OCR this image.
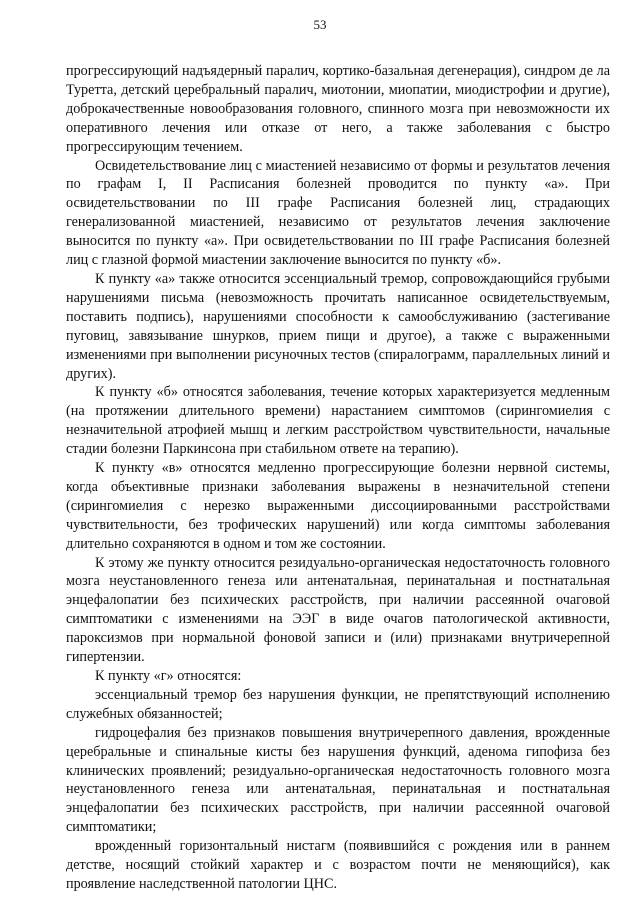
53

прогрессирующий надъядерный паралич, кортико-базальная дегенерация), синдром де ла Туретта, детский церебральный паралич, миотонии, миопатии, миодистрофии и другие), доброкачественные новообразования головного, спинного мозга при невозможности их оперативного лечения или отказе от него, а также заболевания с быстро прогрессирующим течением.

Освидетельствование лиц с миастенией независимо от формы и результатов лечения по графам I, II Расписания болезней проводится по пункту «а». При освидетельствовании по III графе Расписания болезней лиц, страдающих генерализованной миастенией, независимо от результатов лечения заключение выносится по пункту «а». При освидетельствовании по III графе Расписания болезней лиц с глазной формой миастении заключение выносится по пункту «б».

К пункту «а» также относится эссенциальный тремор, сопровождающийся грубыми нарушениями письма (невозможность прочитать написанное освидетельствуемым, поставить подпись), нарушениями способности к самообслуживанию (застегивание пуговиц, завязывание шнурков, прием пищи и другое), а также с выраженными изменениями при выполнении рисуночных тестов (спиралограмм, параллельных линий и других).

К пункту «б» относятся заболевания, течение которых характеризуется медленным (на протяжении длительного времени) нарастанием симптомов (сирингомиелия с незначительной атрофией мышц и легким расстройством чувствительности, начальные стадии болезни Паркинсона при стабильном ответе на терапию).

К пункту «в» относятся медленно прогрессирующие болезни нервной системы, когда объективные признаки заболевания выражены в незначительной степени (сирингомиелия с нерезко выраженными диссоциированными расстройствами чувствительности, без трофических нарушений) или когда симптомы заболевания длительно сохраняются в одном и том же состоянии.

К этому же пункту относится резидуально-органическая недостаточность головного мозга неустановленного генеза или антенатальная, перинатальная и постнатальная энцефалопатии без психических расстройств, при наличии рассеянной очаговой симптоматики с изменениями на ЭЭГ в виде очагов патологической активности, пароксизмов при нормальной фоновой записи и (или) признаками внутричерепной гипертензии.

К пункту «г» относятся:

эссенциальный тремор без нарушения функции, не препятствующий исполнению служебных обязанностей;

гидроцефалия без признаков повышения внутричерепного давления, врожденные церебральные и спинальные кисты без нарушения функций, аденома гипофиза без клинических проявлений; резидуально-органическая недостаточность головного мозга неустановленного генеза или антенатальная, перинатальная и постнатальная энцефалопатии без психических расстройств, при наличии рассеянной очаговой симптоматики;

врожденный горизонтальный нистагм (появившийся с рождения или в раннем детстве, носящий стойкий характер и с возрастом почти не меняющийся), как проявление наследственной патологии ЦНС.
